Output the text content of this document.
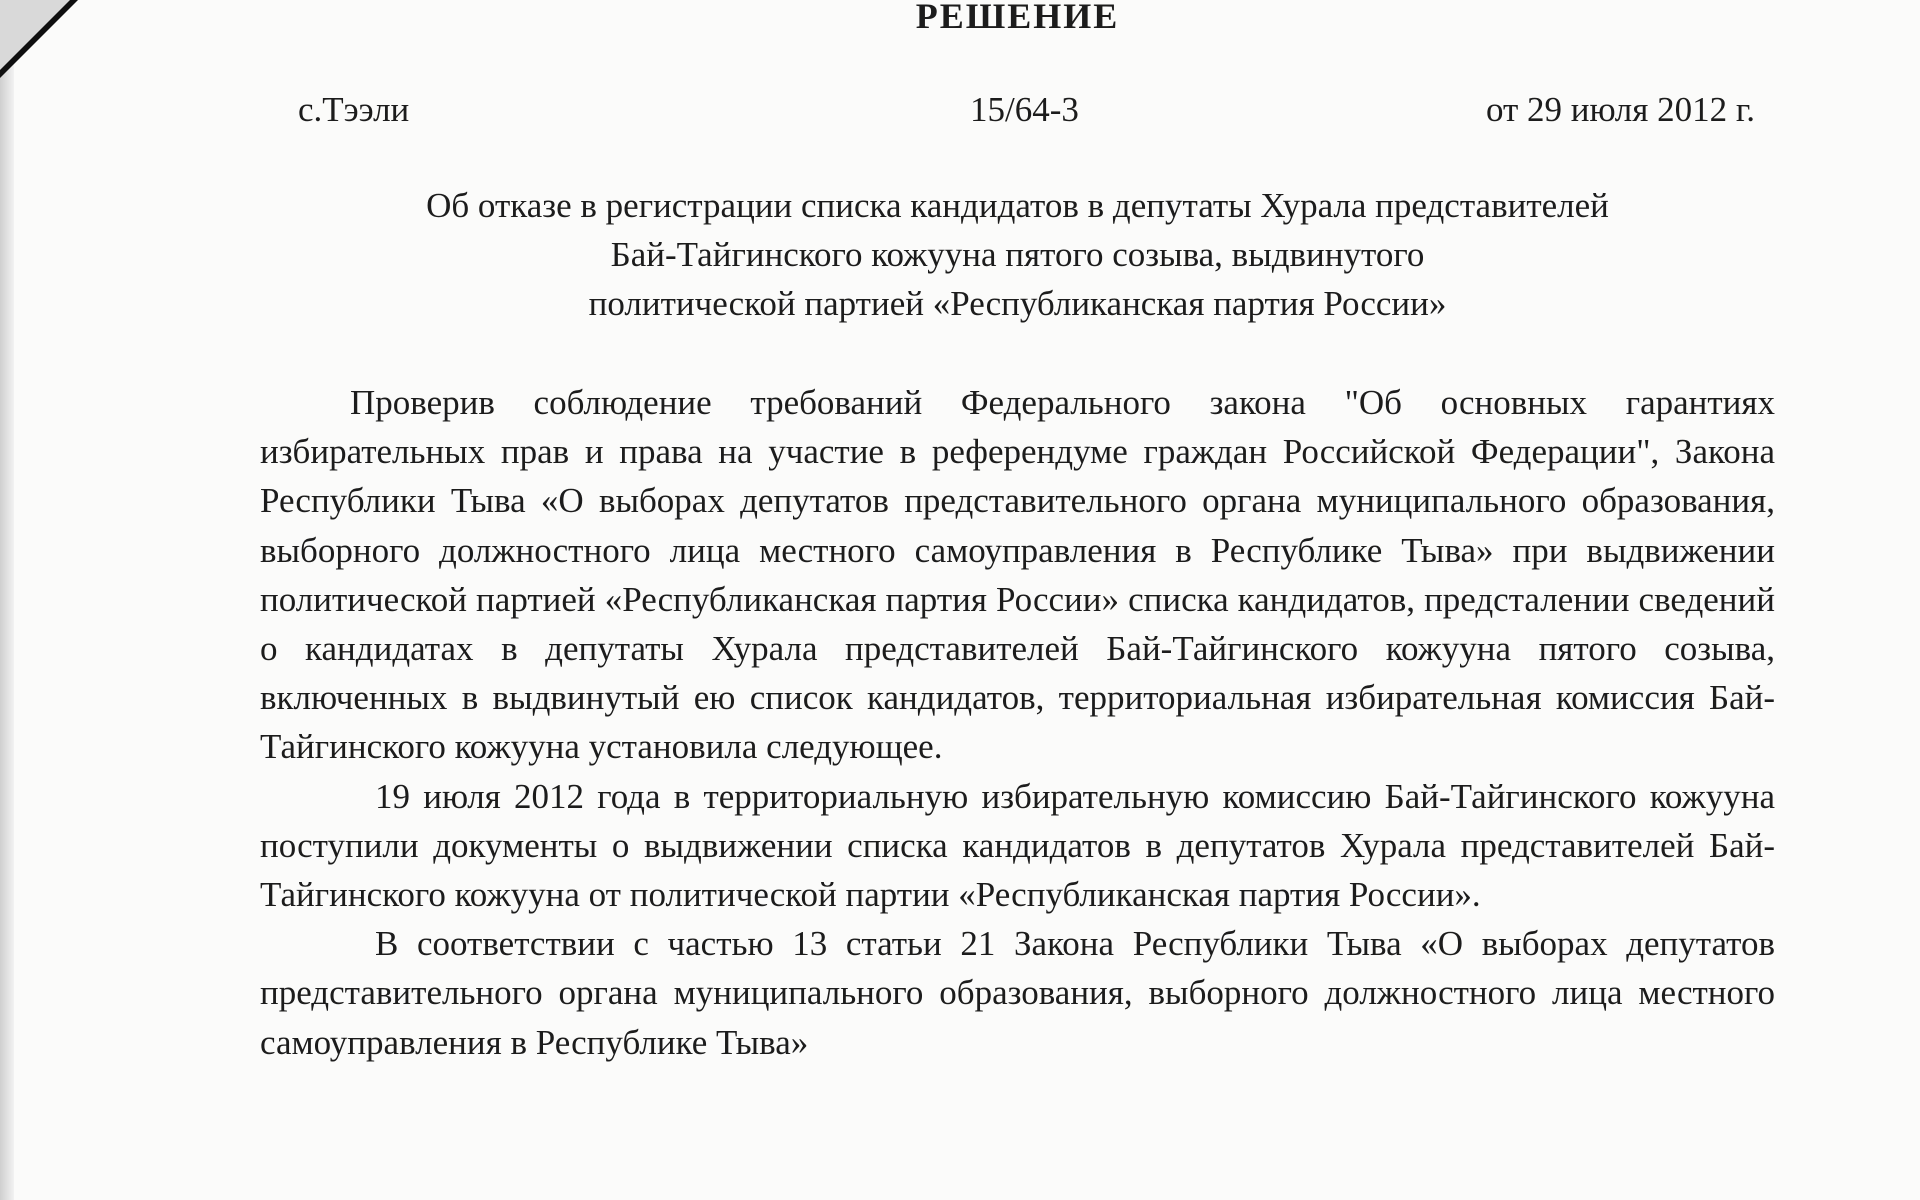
РЕШЕНИЕ
с.Тээли	15/64-3	от 29 июля 2012 г.
Об отказе в регистрации списка кандидатов в депутаты Хурала представителей
Бай-Тайгинского кожууна пятого созыва, выдвинутого
политической партией «Республиканская партия России»

Проверив соблюдение требований Федерального закона "Об основных гарантиях избирательных прав и права на участие в референдуме граждан Российской Федерации", Закона Республики Тыва «О выборах депутатов представительного органа муниципального образования, выборного должностного лица местного самоуправления в Республике Тыва» при выдвижении политической партией «Республиканская партия России» списка кандидатов, предсталении сведений о кандидатах в депутаты Хурала представителей Бай-Тайгинского кожууна пятого созыва, включенных в выдвинутый ею список кандидатов, территориальная избирательная комиссия Бай-Тайгинского кожууна установила следующее.

19 июля 2012 года в территориальную избирательную комиссию Бай-Тайгинского кожууна поступили документы о выдвижении списка кандидатов в депутатов Хурала представителей Бай-Тайгинского кожууна от политической партии «Республиканская партия России».

В соответствии с частью 13 статьи 21 Закона Республики Тыва «О выборах депутатов представительного органа муниципального образования, выборного должностного лица местного самоуправления в Республике Тыва»
